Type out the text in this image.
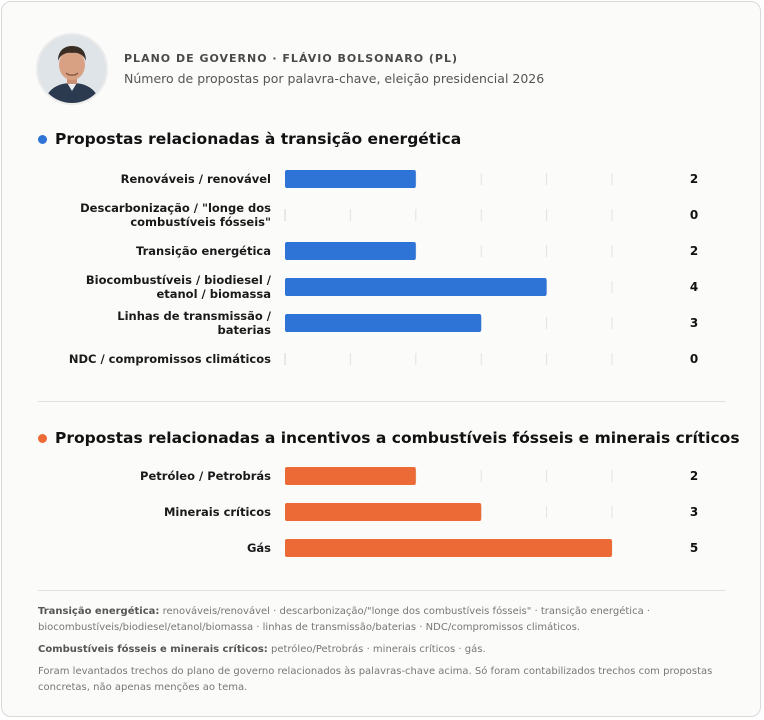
PLANO DE GOVERNO · FLÁVIO BOLSONARO (PL)
Número de propostas por palavra-chave, eleição presidencial 2026
Propostas relacionadas à transição energética
Renováveis / renovável	2
Descarbonização / "longe dos combustíveis fósseis"	0
Transição energética	2
Biocombustíveis / biodiesel / etanol / biomassa	4
Linhas de transmissão / baterias	3
NDC / compromissos climáticos	0
Propostas relacionadas a incentivos a combustíveis fósseis e minerais críticos
Petróleo / Petrobrás	2
Minerais críticos	3
Gás	5

Transição energética: renováveis/renovável · descarbonização/"longe dos combustíveis fósseis" · transição energética · biocombustíveis/biodiesel/etanol/biomassa · linhas de transmissão/baterias · NDC/compromissos climáticos.

Combustíveis fósseis e minerais críticos: petróleo/Petrobrás · minerais críticos · gás.

Foram levantados trechos do plano de governo relacionados às palavras-chave acima. Só foram contabilizados trechos com propostas concretas, não apenas menções ao tema.
